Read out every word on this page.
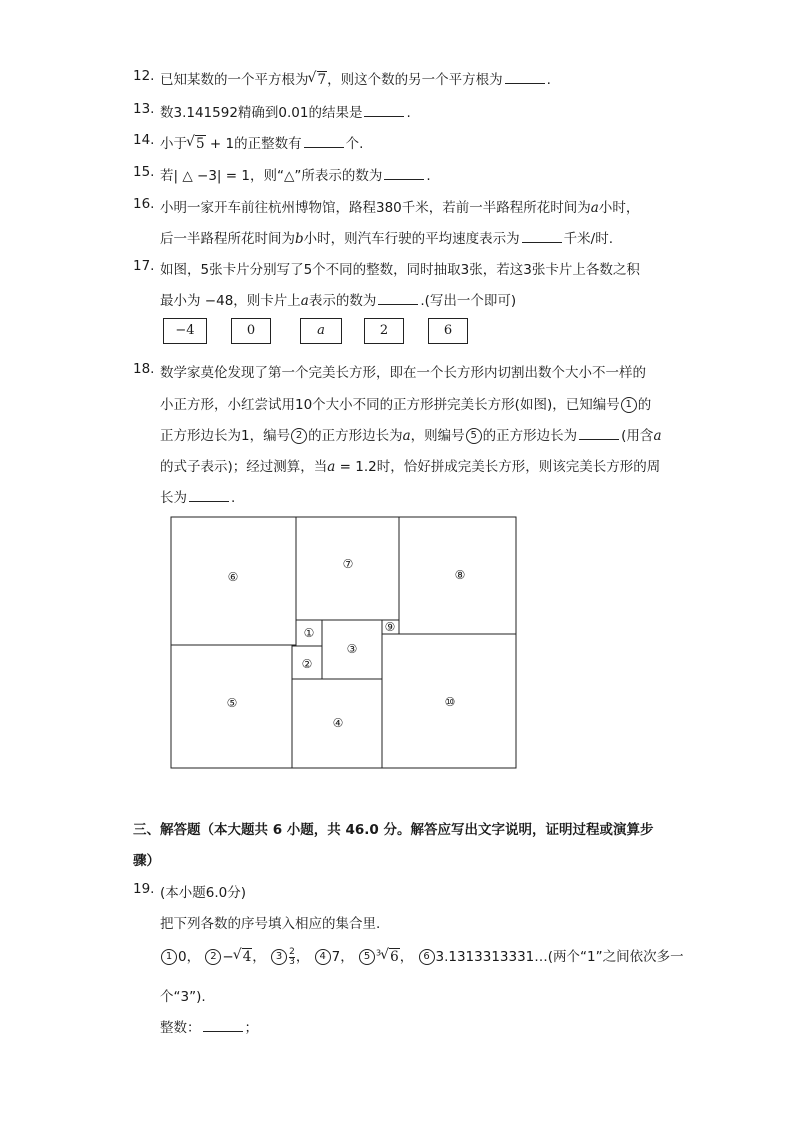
12. 已知某数的一个平方根为 √ 7，则这个数的另一个平方根为	.
13. 数3.141592精确到0.01的结果是	.
14. 小于 √ 5 + 1的正整数有	个.
15. 若| △ −3| = 1，则“△”所表示的数为	.
16. 小明一家开车前往杭州博物馆，路程380千米，若前一半路程所花时间为a小时，
后一半路程所花时间为b小时，则汽车行驶的平均速度表示为	千米/时.
17. 如图，5张卡片分别写了5个不同的整数，同时抽取3张，若这3张卡片上各数之积
最小为 −48，则卡片上a表示的数为	.(写出一个即可)
−4	0	a	2	6
18. 数学家莫伦发现了第一个完美长方形，即在一个长方形内切割出数个大小不一样的
小正方形，小红尝试用10个大小不同的正方形拼完美长方形(如图)，已知编号 1 的
正方形边长为1，编号 2 的正方形边长为a，则编号 5 的正方形边长为	(用含a
的式子表示)；经过测算，当a = 1.2时，恰好拼成完美长方形，则该完美长方形的周
长为	.
⑥
⑦
⑧
①
③
⑨
②
⑤
④
⑩
三、解答题（本大题共 6 小题，共 46.0 分。解答应写出文字说明，证明过程或演算步
骤）
19. (本小题6.0分)
把下列各数的序号填入相应的集合里.
1 0， 2 − √ 4， $3 \frac{2}{3}$ ， 4 7， 5 $^3$ √ 6， 6 3.1313313331…(两个“1”之间依次多一
个“3”).
整数：	；
